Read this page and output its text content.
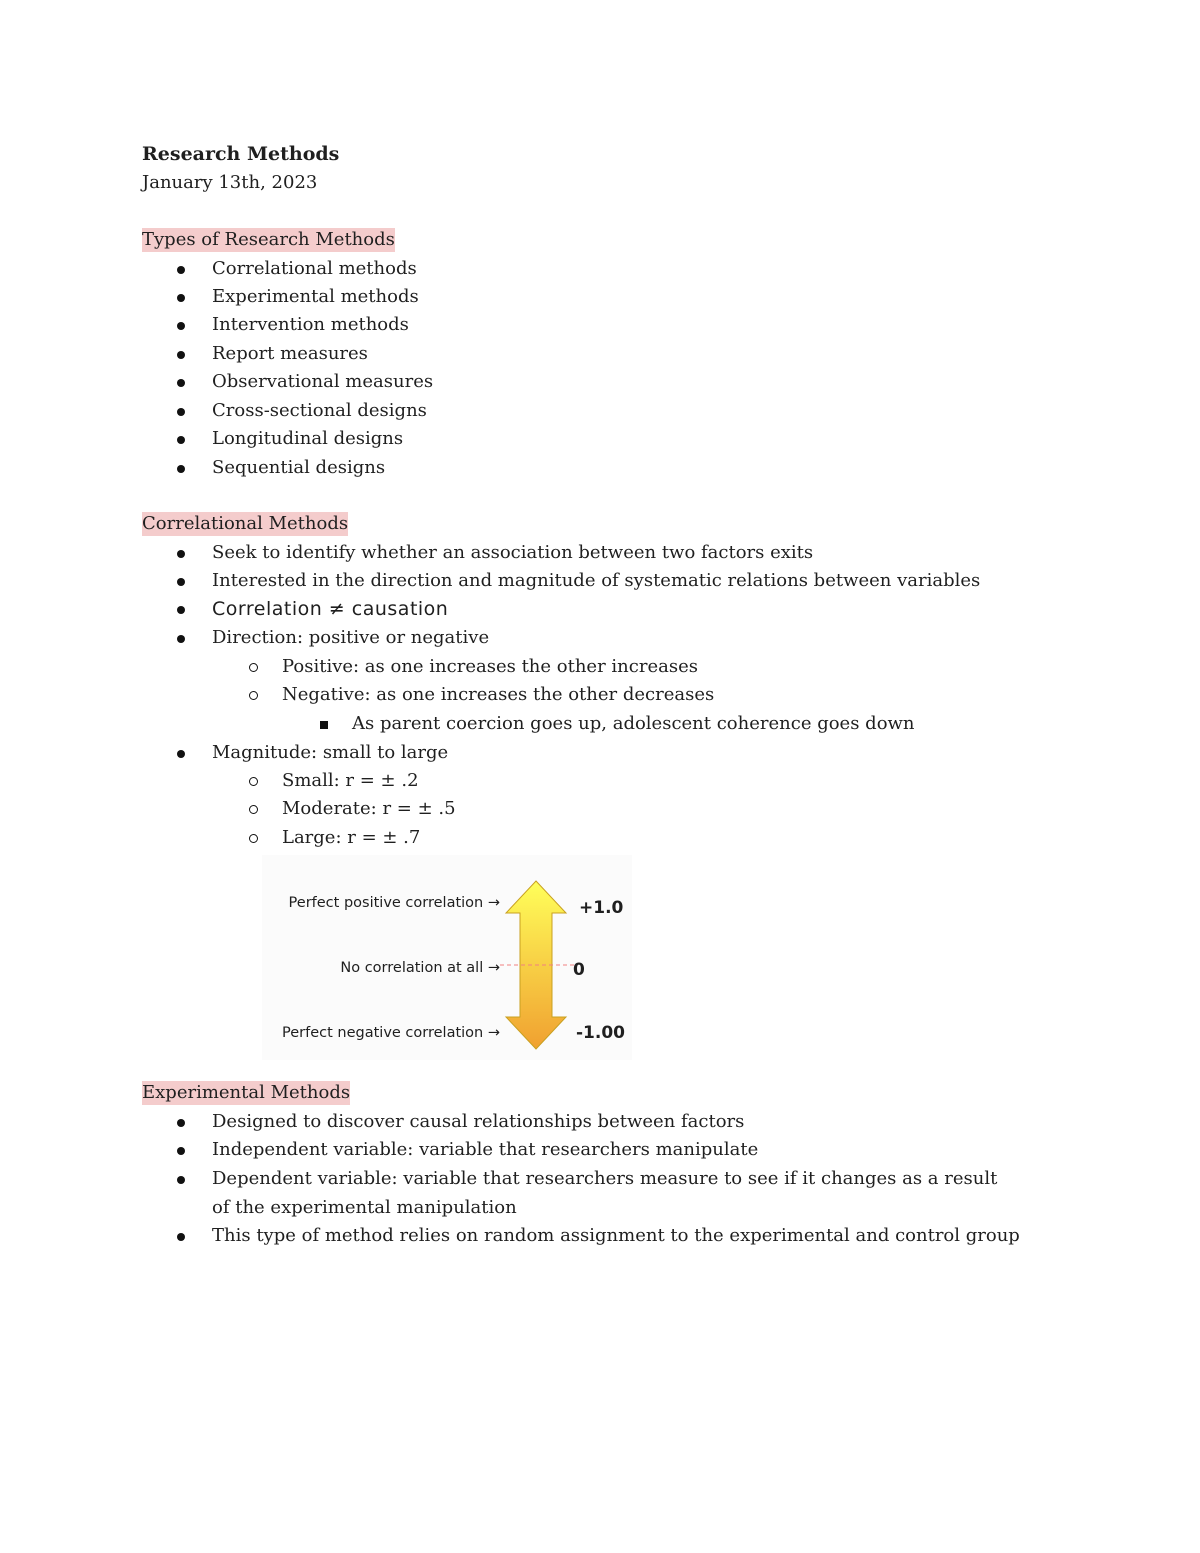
Research Methods
January 13th, 2023
Types of Research Methods
Correlational methods
Experimental methods
Intervention methods
Report measures
Observational measures
Cross-sectional designs
Longitudinal designs
Sequential designs
Correlational Methods
Seek to identify whether an association between two factors exits
Interested in the direction and magnitude of systematic relations between variables
Correlation ≠ causation
Direction: positive or negative
Positive: as one increases the other increases
Negative: as one increases the other decreases
As parent coercion goes up, adolescent coherence goes down
Magnitude: small to large
Small: r = ± .2
Moderate: r = ± .5
Large: r = ± .7
Perfect positive correlation →
No correlation at all →
Perfect negative correlation →
+1.0
0
-1.00
Experimental Methods
Designed to discover causal relationships between factors
Independent variable: variable that researchers manipulate
Dependent variable: variable that researchers measure to see if it changes as a result of the experimental manipulation
This type of method relies on random assignment to the experimental and control group
